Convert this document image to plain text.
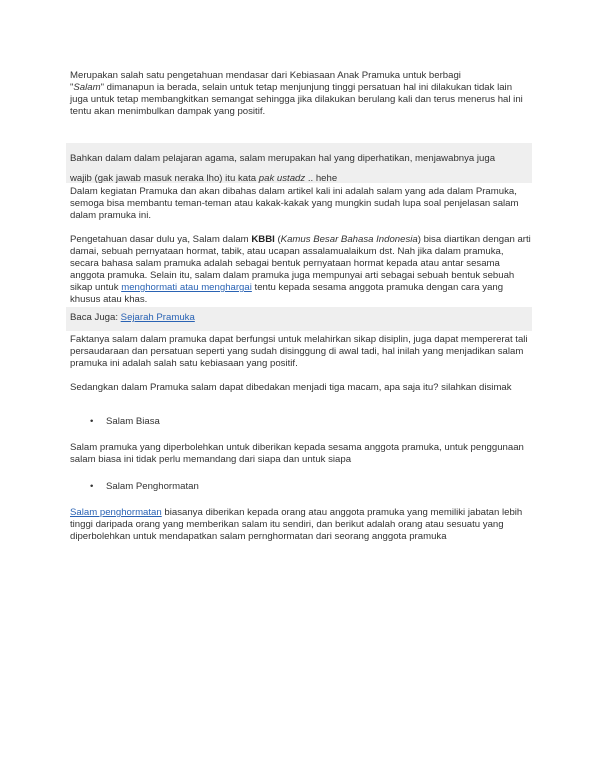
Merupakan salah satu pengetahuan mendasar dari Kebiasaan Anak Pramuka untuk berbagi
"Salam" dimanapun ia berada, selain untuk tetap menjunjung tinggi persatuan hal ini dilakukan tidak lain juga untuk tetap membangkitkan semangat sehingga jika dilakukan berulang kali dan terus menerus hal ini tentu akan menimbulkan dampak yang positif.

Bahkan dalam dalam pelajaran agama, salam merupakan hal yang diperhatikan, menjawabnya juga
wajib (gak jawab masuk neraka lho) itu kata pak ustadz .. hehe

Dalam kegiatan Pramuka dan akan dibahas dalam artikel kali ini adalah salam yang ada dalam Pramuka, semoga bisa membantu teman-teman atau kakak-kakak yang mungkin sudah lupa soal penjelasan salam dalam pramuka ini.

Pengetahuan dasar dulu ya, Salam dalam KBBI (Kamus Besar Bahasa Indonesia) bisa diartikan dengan arti damai, sebuah pernyataan hormat, tabik, atau ucapan assalamualaikum dst. Nah jika dalam pramuka, secara bahasa salam pramuka adalah sebagai bentuk pernyataan hormat kepada atau antar sesama anggota pramuka. Selain itu, salam dalam pramuka juga mempunyai arti sebagai sebuah bentuk sebuah sikap untuk menghormati atau menghargai tentu kepada sesama anggota pramuka dengan cara yang khusus atau khas.

Baca Juga: Sejarah Pramuka

Faktanya salam dalam pramuka dapat berfungsi untuk melahirkan sikap disiplin, juga dapat mempererat tali persaudaraan dan persatuan seperti yang sudah disinggung di awal tadi, hal inilah yang menjadikan salam pramuka ini adalah salah satu kebiasaan yang positif.

Sedangkan dalam Pramuka salam dapat dibedakan menjadi tiga macam, apa saja itu? silahkan disimak

•	Salam Biasa

Salam pramuka yang diperbolehkan untuk diberikan kepada sesama anggota pramuka, untuk penggunaan salam biasa ini tidak perlu memandang dari siapa dan untuk siapa

•	Salam Penghormatan

Salam penghormatan biasanya diberikan kepada orang atau anggota pramuka yang memiliki jabatan lebih tinggi daripada orang yang memberikan salam itu sendiri, dan berikut adalah orang atau sesuatu yang diperbolehkan untuk mendapatkan salam pernghormatan dari seorang anggota pramuka
